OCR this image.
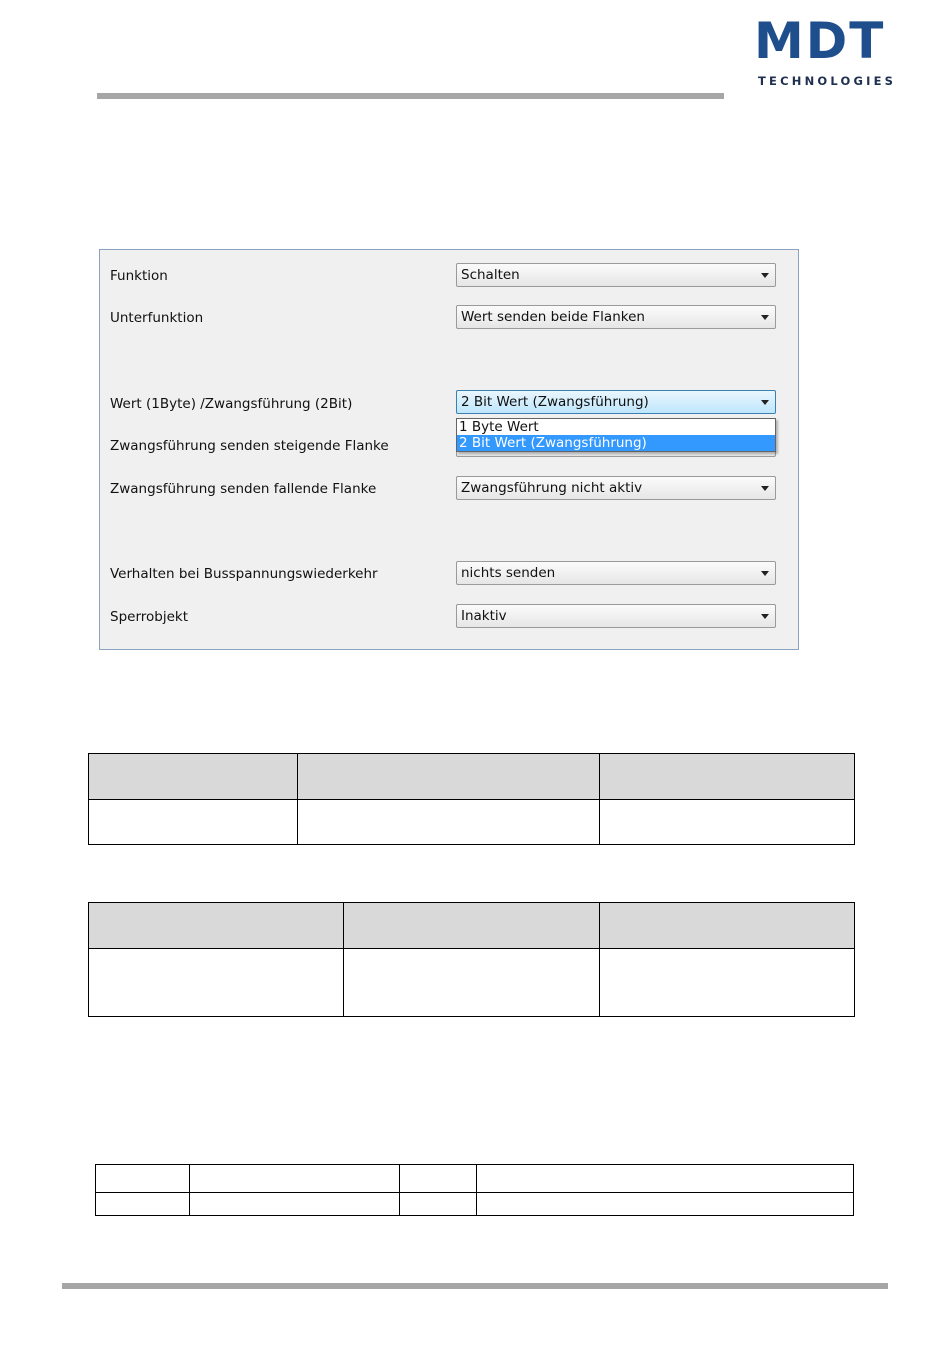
MDT
TECHNOLOGIES
Funktion	Schalten
Unterfunktion	Wert senden beide Flanken
Wert (1Byte) /Zwangsführung (2Bit)	2 Bit Wert (Zwangsführung)
Zwangsführung senden steigende Flanke
1 Byte Wert
2 Bit Wert (Zwangsführung)
Zwangsführung senden fallende Flanke	Zwangsführung nicht aktiv
Verhalten bei Busspannungswiederkehr	nichts senden
Sperrobjekt	Inaktiv
